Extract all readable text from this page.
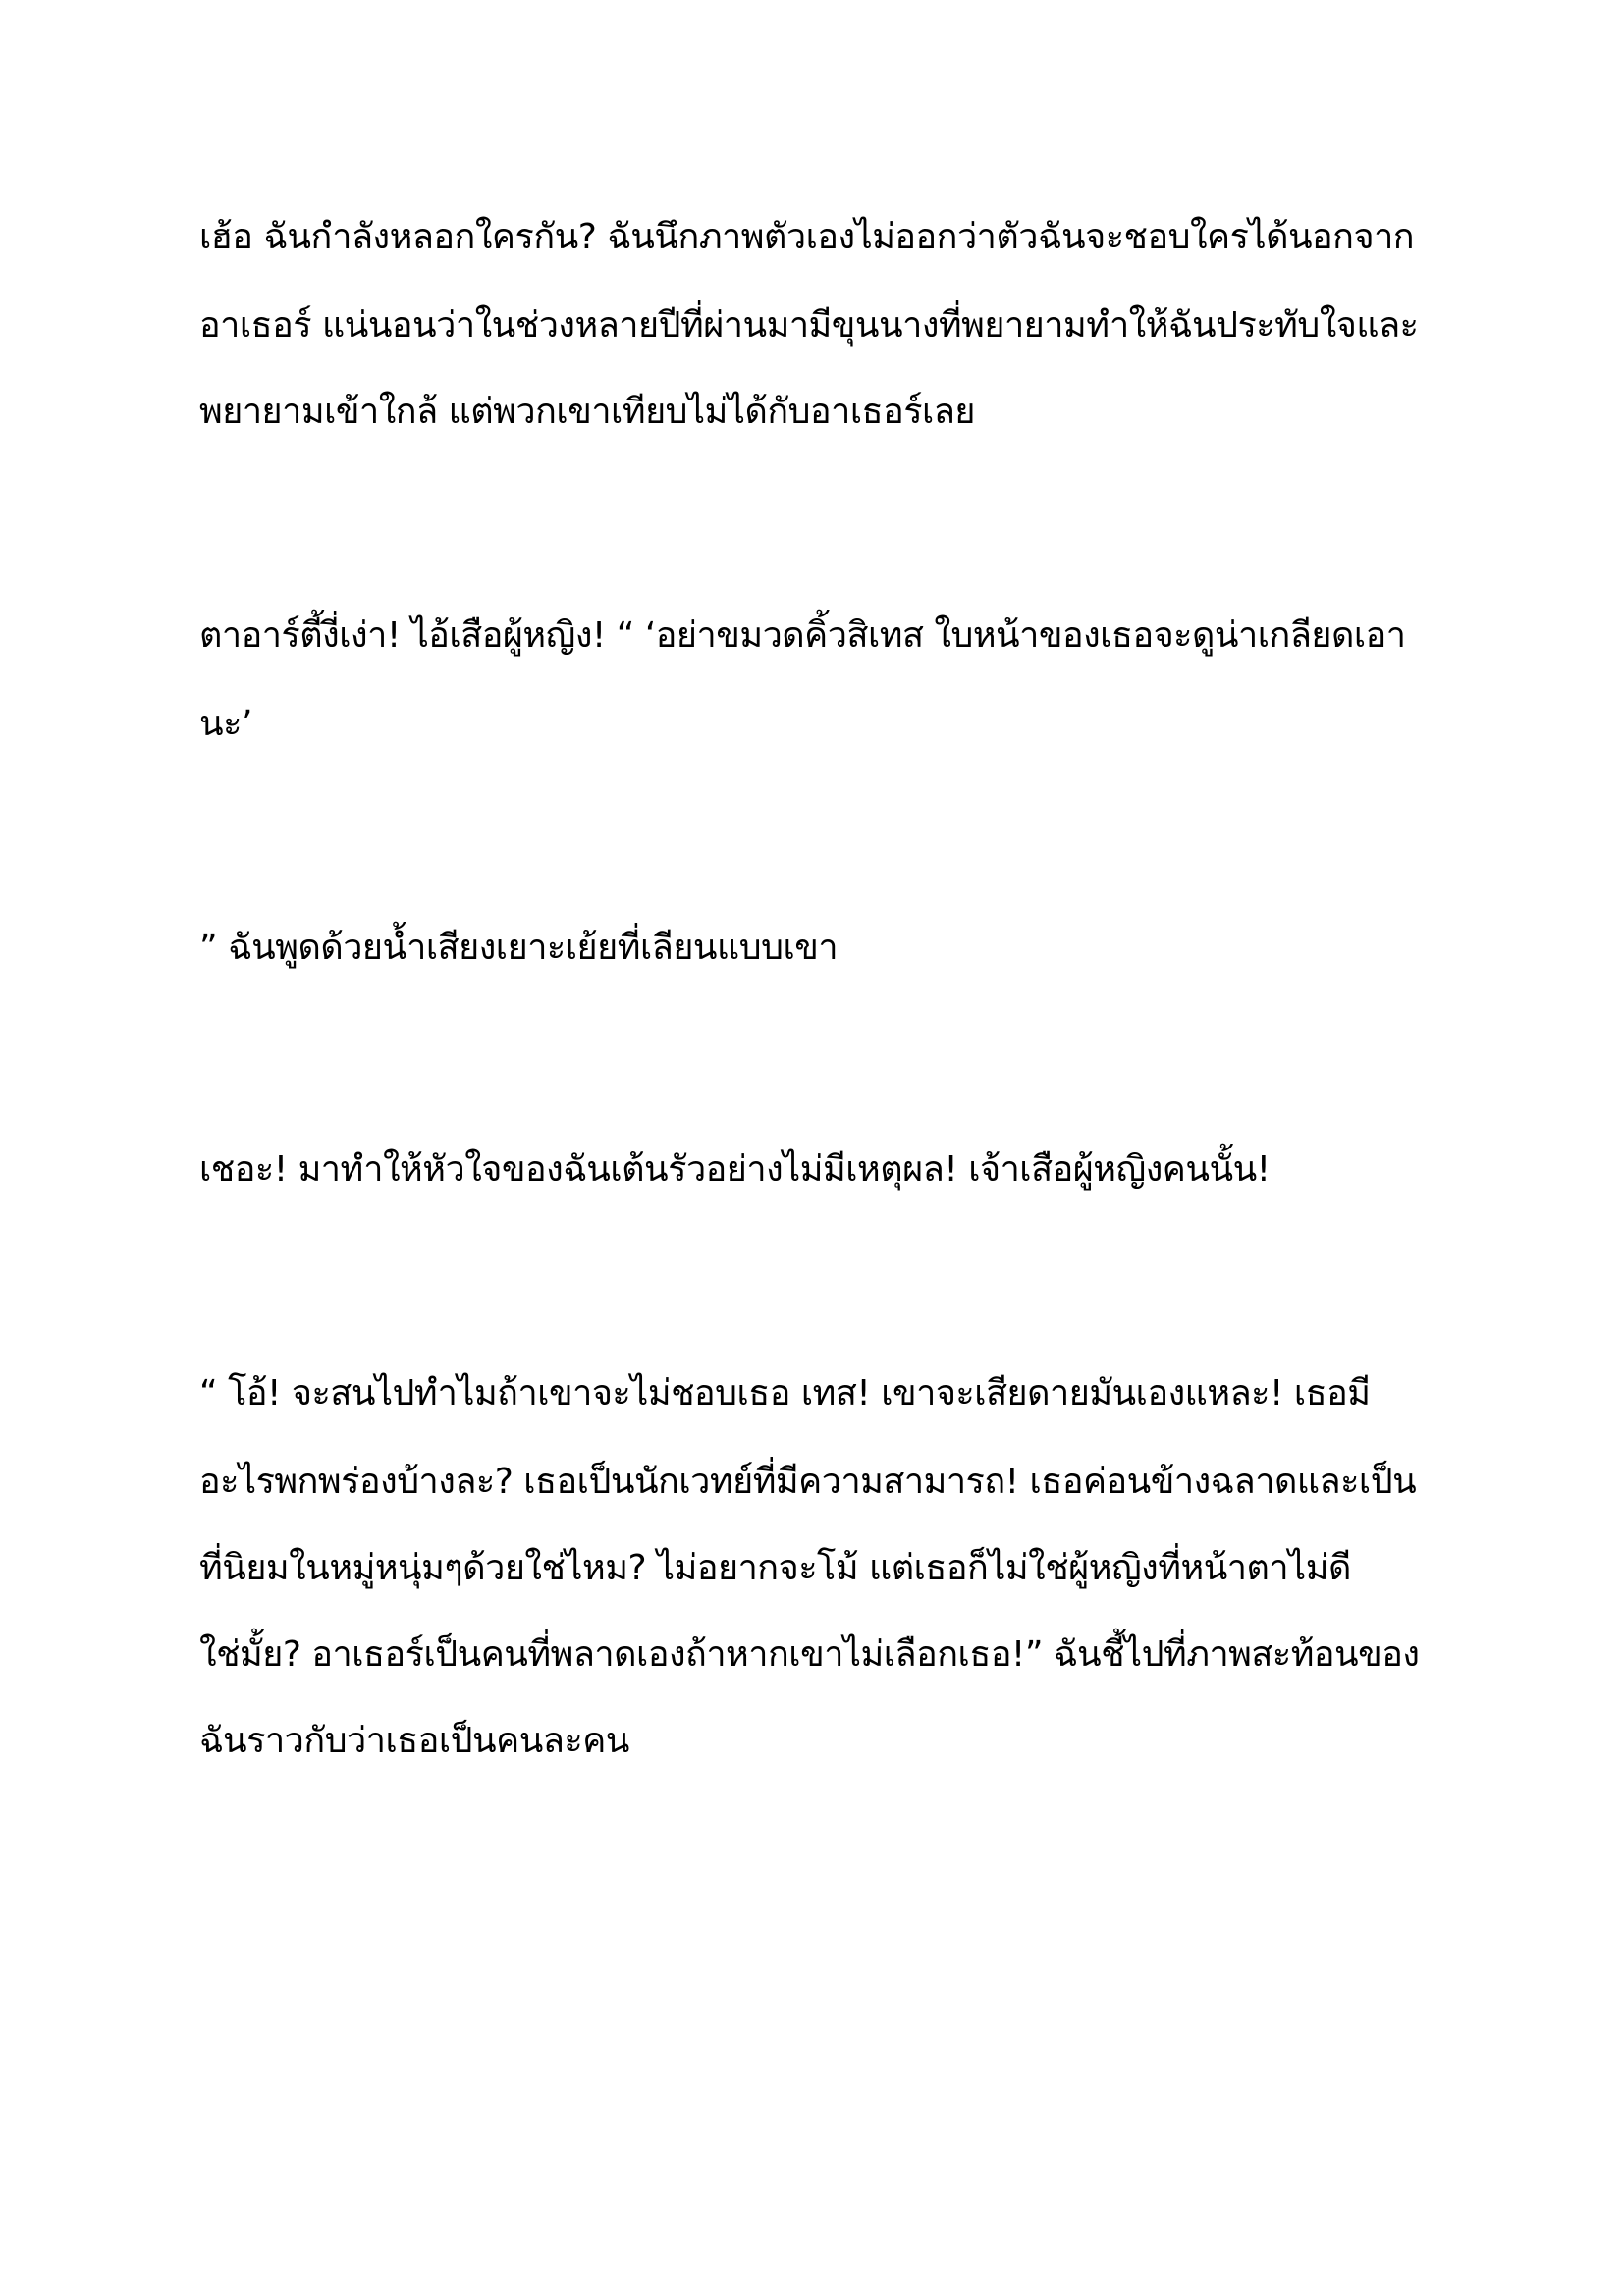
เฮ้อ ฉันกำลังหลอกใครกัน? ฉันนึกภาพตัวเองไม่ออกว่าตัวฉันจะชอบใครได้นอกจาก
อาเธอร์ แน่นอนว่าในช่วงหลายปีที่ผ่านมามีขุนนางที่พยายามทำให้ฉันประทับใจและ
พยายามเข้าใกล้ แต่พวกเขาเทียบไม่ได้กับอาเธอร์เลย
ตาอาร์ตี้งี่เง่า! ไอ้เสือผู้หญิง! “ ‘อย่าขมวดคิ้วสิเทส ใบหน้าของเธอจะดูน่าเกลียดเอา
นะ’
” ฉันพูดด้วยน้ำเสียงเยาะเย้ยที่เลียนแบบเขา
เชอะ! มาทำให้หัวใจของฉันเต้นรัวอย่างไม่มีเหตุผล! เจ้าเสือผู้หญิงคนนั้น!
“ โอ้! จะสนไปทำไมถ้าเขาจะไม่ชอบเธอ เทส! เขาจะเสียดายมันเองแหละ! เธอมี
อะไรพกพร่องบ้างละ? เธอเป็นนักเวทย์ที่มีความสามารถ! เธอค่อนข้างฉลาดและเป็น
ที่นิยมในหมู่หนุ่มๆด้วยใช่ไหม? ไม่อยากจะโม้ แต่เธอก็ไม่ใช่ผู้หญิงที่หน้าตาไม่ดี
ใช่มั้ย? อาเธอร์เป็นคนที่พลาดเองถ้าหากเขาไม่เลือกเธอ!” ฉันชี้ไปที่ภาพสะท้อนของ
ฉันราวกับว่าเธอเป็นคนละคน
